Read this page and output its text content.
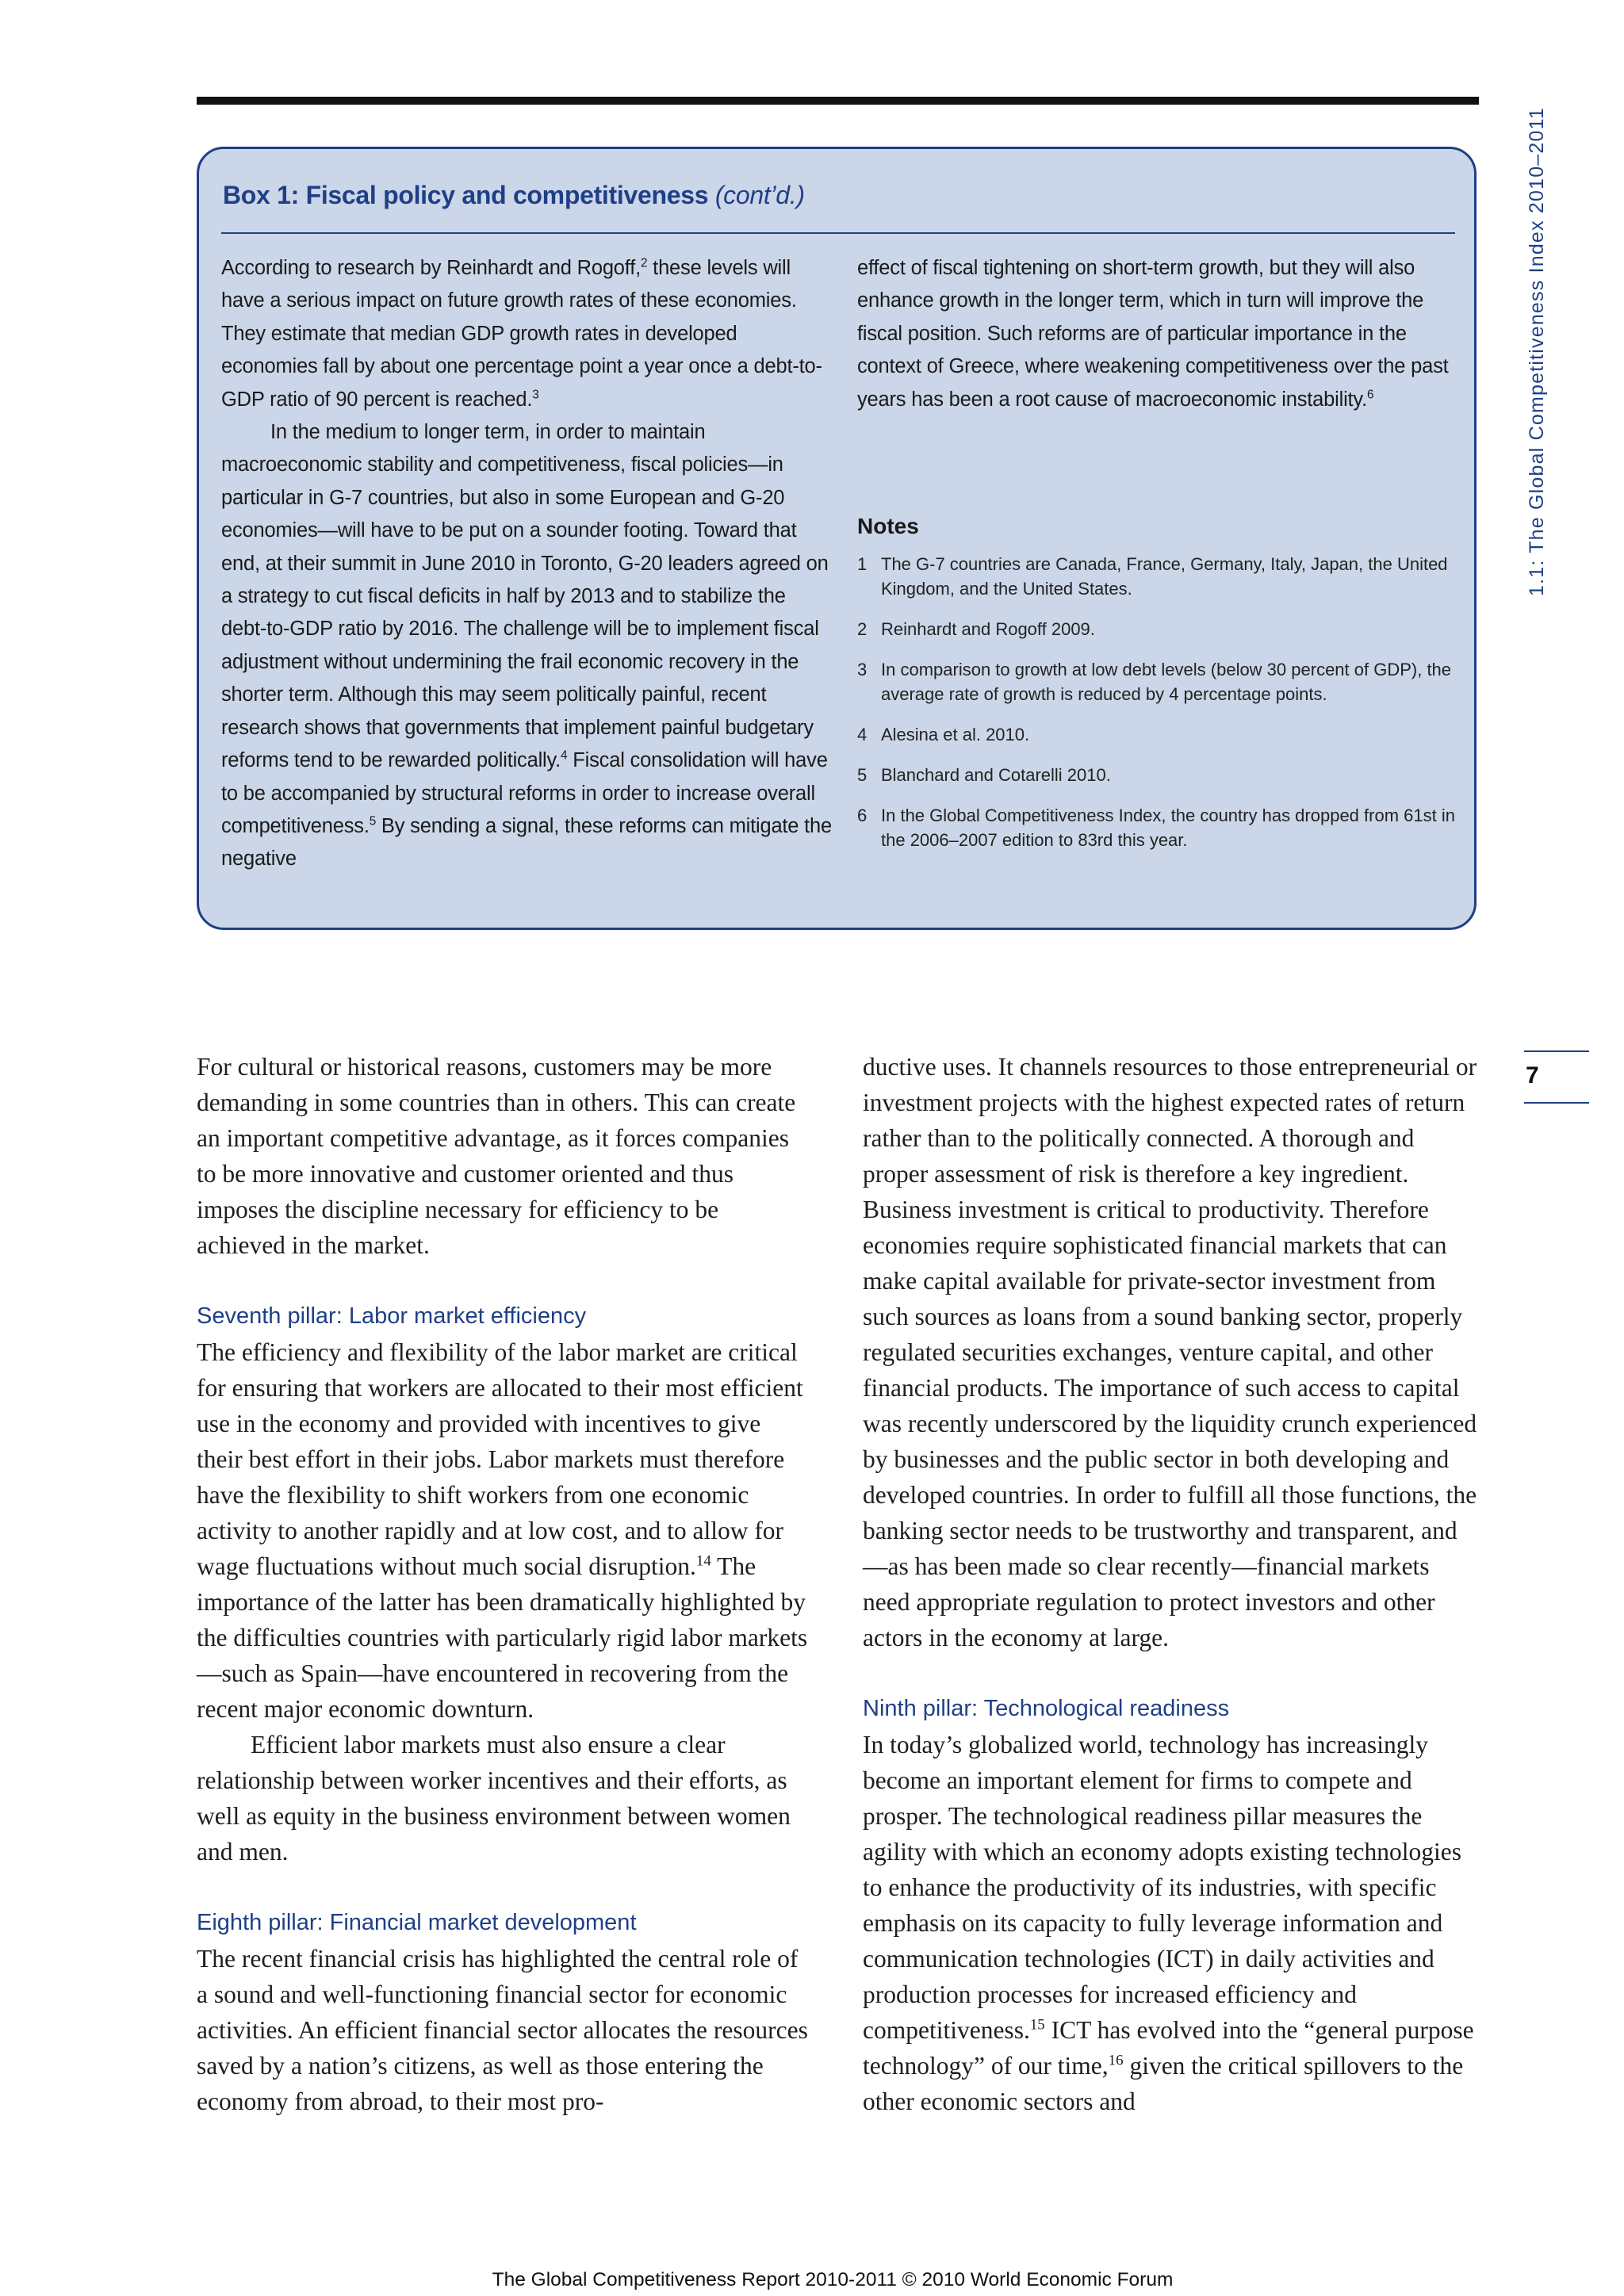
1.1: The Global Competitiveness Index 2010–2011
7
Box 1: Fiscal policy and competitiveness (cont’d.)

According to research by Reinhardt and Rogoff,$^2$ these levels will have a serious impact on future growth rates of these economies. They estimate that median GDP growth rates in developed economies fall by about one percentage point a year once a debt-to-GDP ratio of 90 percent is reached.$^3$

In the medium to longer term, in order to maintain macroeconomic stability and competitiveness, fiscal policies—in particular in G-7 countries, but also in some European and G-20 economies—will have to be put on a sounder footing. Toward that end, at their summit in June 2010 in Toronto, G-20 leaders agreed on a strategy to cut fiscal deficits in half by 2013 and to stabilize the debt-to-GDP ratio by 2016. The challenge will be to implement fiscal adjustment without undermining the frail economic recovery in the shorter term. Although this may seem politically painful, recent research shows that governments that implement painful budgetary reforms tend to be rewarded politically.$^4$ Fiscal consolidation will have to be accompanied by structural reforms in order to increase overall competitiveness.$^5$ By sending a signal, these reforms can mitigate the negative

effect of fiscal tightening on short-term growth, but they will also enhance growth in the longer term, which in turn will improve the fiscal position. Such reforms are of particular importance in the context of Greece, where weakening competitiveness over the past years has been a root cause of macroeconomic instability.$^6$

Notes
1 The G-7 countries are Canada, France, Germany, Italy, Japan, the United Kingdom, and the United States.
2 Reinhardt and Rogoff 2009.
3 In comparison to growth at low debt levels (below 30 percent of GDP), the average rate of growth is reduced by 4 percentage points.
4 Alesina et al. 2010.
5 Blanchard and Cotarelli 2010.
6 In the Global Competitiveness Index, the country has dropped from 61st in the 2006–2007 edition to 83rd this year.

For cultural or historical reasons, customers may be more demanding in some countries than in others. This can create an important competitive advantage, as it forces companies to be more innovative and customer oriented and thus imposes the discipline necessary for efficiency to be achieved in the market.

Seventh pillar: Labor market efficiency

The efficiency and flexibility of the labor market are critical for ensuring that workers are allocated to their most efficient use in the economy and provided with incentives to give their best effort in their jobs. Labor markets must therefore have the flexibility to shift workers from one economic activity to another rapidly and at low cost, and to allow for wage fluctuations without much social disruption.$^{14}$ The importance of the latter has been dramatically highlighted by the difficulties countries with particularly rigid labor markets—such as Spain—have encountered in recovering from the recent major economic downturn.

Efficient labor markets must also ensure a clear relationship between worker incentives and their efforts, as well as equity in the business environment between women and men.

Eighth pillar: Financial market development

The recent financial crisis has highlighted the central role of a sound and well-functioning financial sector for economic activities. An efficient financial sector allocates the resources saved by a nation’s citizens, as well as those entering the economy from abroad, to their most pro-

ductive uses. It channels resources to those entrepreneurial or investment projects with the highest expected rates of return rather than to the politically connected. A thorough and proper assessment of risk is therefore a key ingredient. Business investment is critical to productivity. Therefore economies require sophisticated financial markets that can make capital available for private-sector investment from such sources as loans from a sound banking sector, properly regulated securities exchanges, venture capital, and other financial products. The importance of such access to capital was recently underscored by the liquidity crunch experienced by businesses and the public sector in both developing and developed countries. In order to fulfill all those functions, the banking sector needs to be trustworthy and transparent, and—as has been made so clear recently—financial markets need appropriate regulation to protect investors and other actors in the economy at large.

Ninth pillar: Technological readiness

In today’s globalized world, technology has increasingly become an important element for firms to compete and prosper. The technological readiness pillar measures the agility with which an economy adopts existing technologies to enhance the productivity of its industries, with specific emphasis on its capacity to fully leverage information and communication technologies (ICT) in daily activities and production processes for increased efficiency and competitiveness.$^{15}$ ICT has evolved into the “general purpose technology” of our time,$^{16}$ given the critical spillovers to the other economic sectors and

The Global Competitiveness Report 2010-2011 © 2010 World Economic Forum
